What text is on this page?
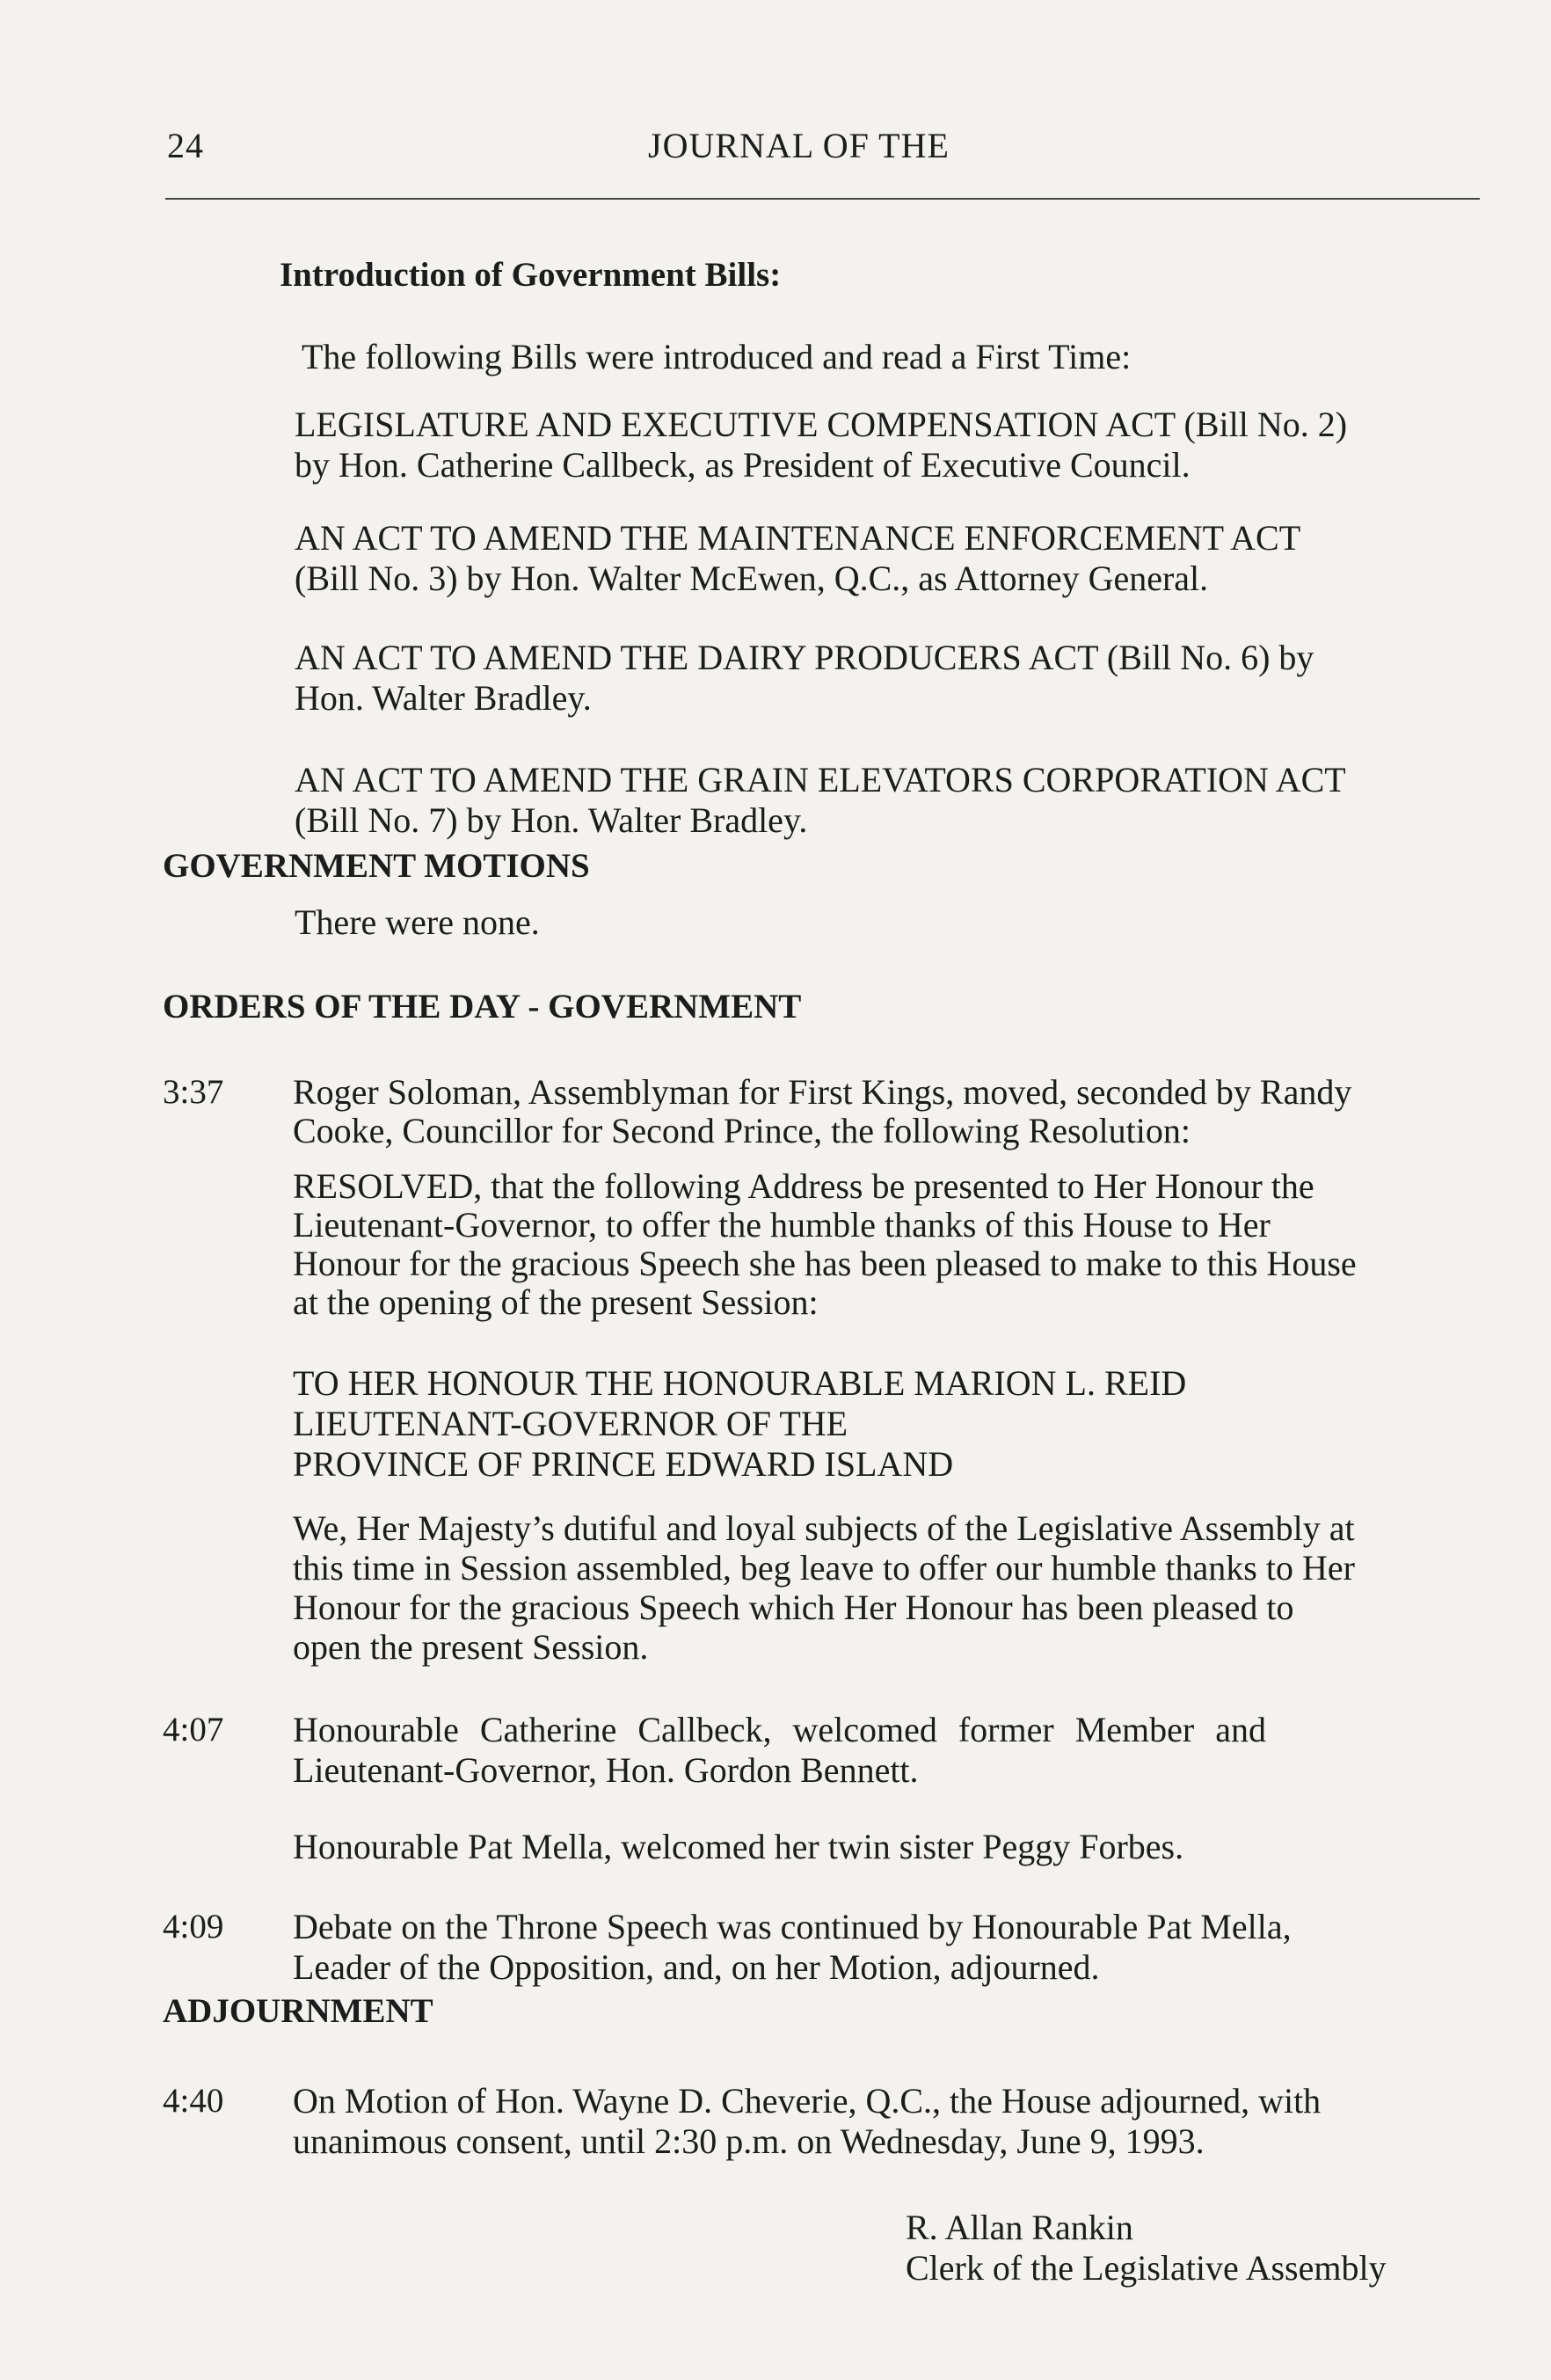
24	JOURNAL OF THE
Introduction of Government Bills:
The following Bills were introduced and read a First Time:
LEGISLATURE AND EXECUTIVE COMPENSATION ACT (Bill No. 2)
by Hon. Catherine Callbeck, as President of Executive Council.
AN ACT TO AMEND THE MAINTENANCE ENFORCEMENT ACT
(Bill No. 3) by Hon. Walter McEwen, Q.C., as Attorney General.
AN ACT TO AMEND THE DAIRY PRODUCERS ACT (Bill No. 6) by
Hon. Walter Bradley.
AN ACT TO AMEND THE GRAIN ELEVATORS CORPORATION ACT
(Bill No. 7) by Hon. Walter Bradley.
GOVERNMENT MOTIONS
There were none.
ORDERS OF THE DAY - GOVERNMENT
3:37 Roger Soloman, Assemblyman for First Kings, moved, seconded by Randy
Cooke, Councillor for Second Prince, the following Resolution:
RESOLVED, that the following Address be presented to Her Honour the
Lieutenant-Governor, to offer the humble thanks of this House to Her
Honour for the gracious Speech she has been pleased to make to this House
at the opening of the present Session:
TO HER HONOUR THE HONOURABLE MARION L. REID
LIEUTENANT-GOVERNOR OF THE
PROVINCE OF PRINCE EDWARD ISLAND
We, Her Majesty’s dutiful and loyal subjects of the Legislative Assembly at
this time in Session assembled, beg leave to offer our humble thanks to Her
Honour for the gracious Speech which Her Honour has been pleased to
open the present Session.
4:07 Honourable Catherine Callbeck, welcomed former Member and
Lieutenant-Governor, Hon. Gordon Bennett.
Honourable Pat Mella, welcomed her twin sister Peggy Forbes.
4:09 Debate on the Throne Speech was continued by Honourable Pat Mella,
Leader of the Opposition, and, on her Motion, adjourned.
ADJOURNMENT
4:40 On Motion of Hon. Wayne D. Cheverie, Q.C., the House adjourned, with
unanimous consent, until 2:30 p.m. on Wednesday, June 9, 1993.
R. Allan Rankin
Clerk of the Legislative Assembly
